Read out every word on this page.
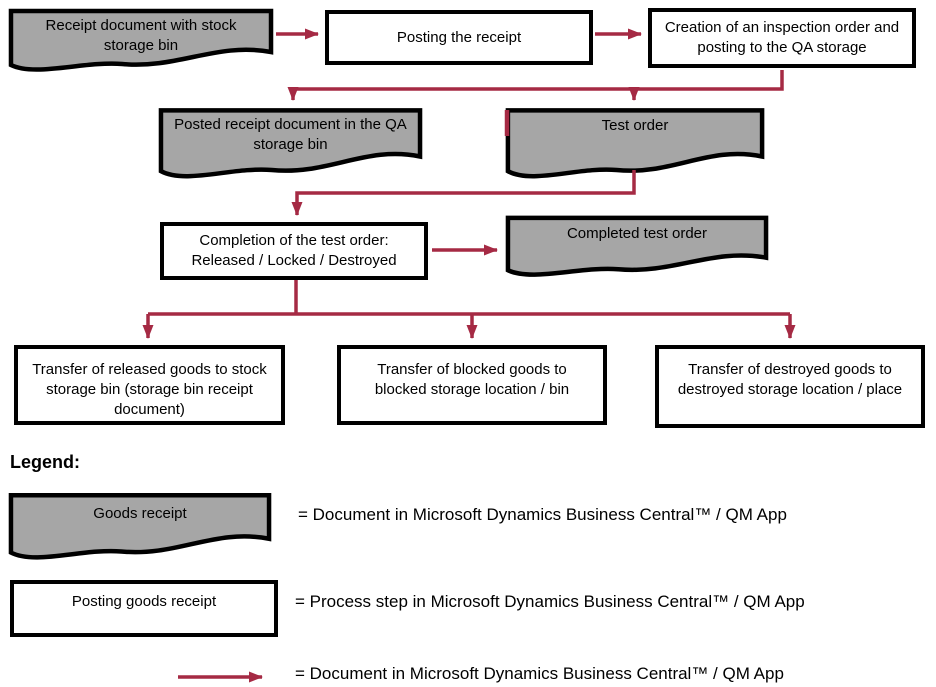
Receipt document with stock storage bin	Posting the receipt
Creation of an inspection order and posting to the QA storage
Posted receipt document in the QA storage bin
Test order
Completion of the test order: Released / Locked / Destroyed
Completed test order
Transfer of released goods to stock storage bin (storage bin receipt document)
Transfer of blocked goods to blocked storage location / bin
Transfer of destroyed goods to destroyed storage location / place
Legend:
Goods receipt	= Document in Microsoft Dynamics Business Central™ / QM App
Posting goods receipt	= Process step in Microsoft Dynamics Business Central™ / QM App
= Document in Microsoft Dynamics Business Central™ / QM App
